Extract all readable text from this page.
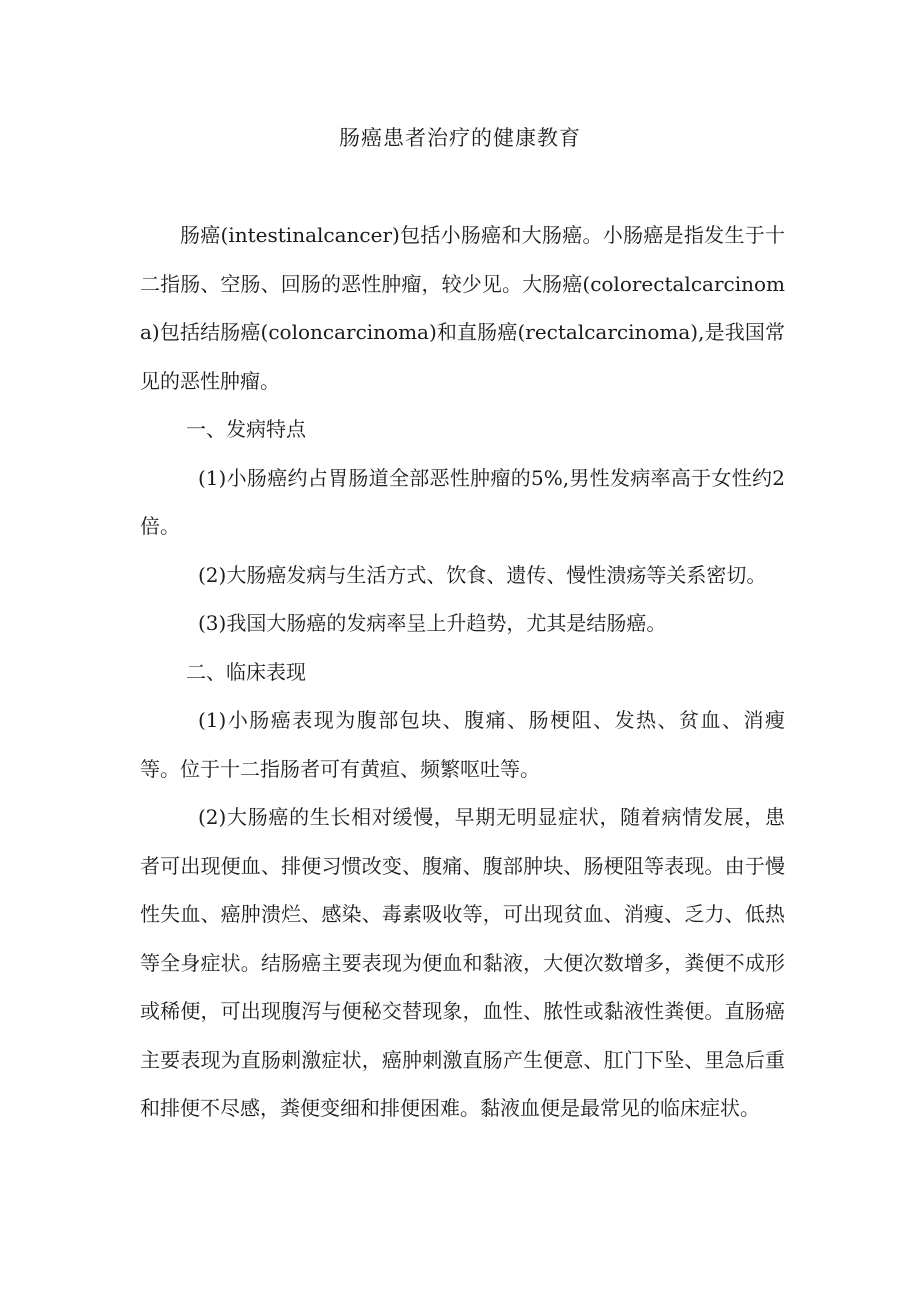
肠癌患者治疗的健康教育

肠癌(intestinalcancer)包括小肠癌和大肠癌。小肠癌是指发生于十二指肠、空肠、回肠的恶性肿瘤，较少见。大肠癌(colorectalcarcinoma)包括结肠癌(coloncarcinoma)和直肠癌(rectalcarcinoma),是我国常见的恶性肿瘤。

一、发病特点

(1)小肠癌约占胃肠道全部恶性肿瘤的5%,男性发病率高于女性约2倍。

(2)大肠癌发病与生活方式、饮食、遗传、慢性溃疡等关系密切。

(3)我国大肠癌的发病率呈上升趋势，尤其是结肠癌。

二、临床表现

(1)小肠癌表现为腹部包块、腹痛、肠梗阻、发热、贫血、消瘦等。位于十二指肠者可有黄疸、频繁呕吐等。

(2)大肠癌的生长相对缓慢，早期无明显症状，随着病情发展，患者可出现便血、排便习惯改变、腹痛、腹部肿块、肠梗阻等表现。由于慢性失血、癌肿溃烂、感染、毒素吸收等，可出现贫血、消瘦、乏力、低热等全身症状。结肠癌主要表现为便血和黏液，大便次数增多，粪便不成形或稀便，可出现腹泻与便秘交替现象，血性、脓性或黏液性粪便。直肠癌主要表现为直肠刺激症状，癌肿刺激直肠产生便意、肛门下坠、里急后重和排便不尽感，粪便变细和排便困难。黏液血便是最常见的临床症状。
